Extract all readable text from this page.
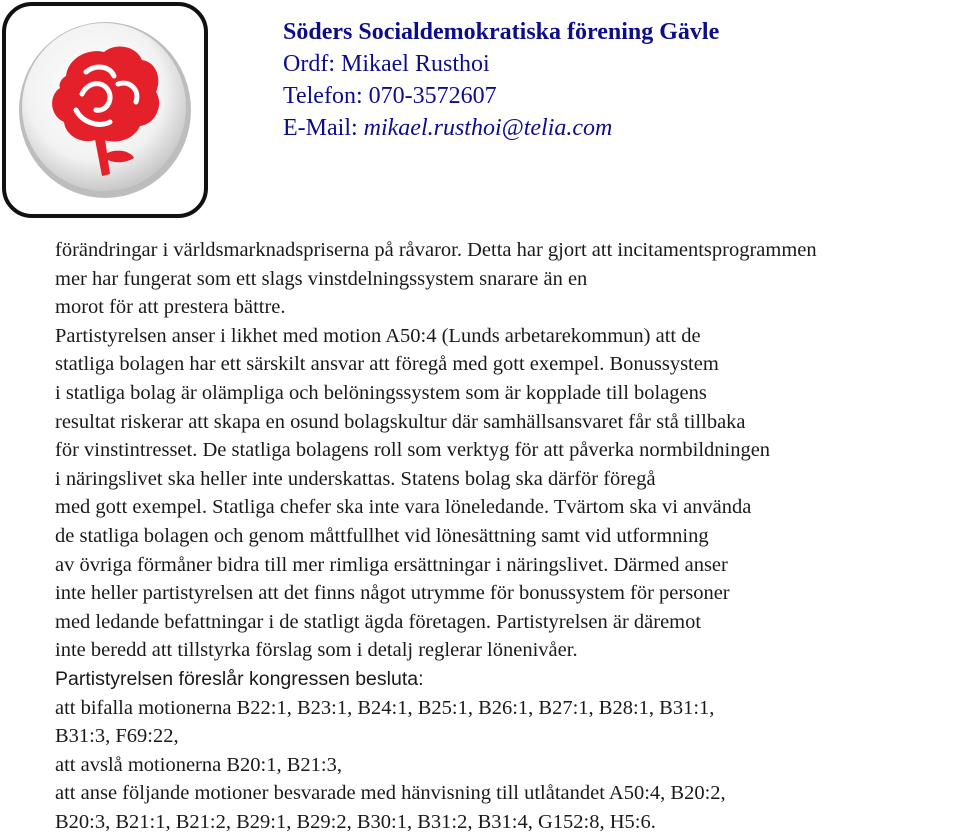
Söders Socialdemokratiska förening Gävle
Ordf: Mikael Rusthoi
Telefon: 070-3572607
E-Mail: mikael.rusthoi@telia.com
förändringar i världsmarknadspriserna på råvaror. Detta har gjort att incitamentsprogrammen
mer har fungerat som ett slags vinstdelningssystem snarare än en
morot för att prestera bättre.
Partistyrelsen anser i likhet med motion A50:4 (Lunds arbetarekommun) att de
statliga bolagen har ett särskilt ansvar att föregå med gott exempel. Bonussystem
i statliga bolag är olämpliga och belöningssystem som är kopplade till bolagens
resultat riskerar att skapa en osund bolagskultur där samhällsansvaret får stå tillbaka
för vinstintresset. De statliga bolagens roll som verktyg för att påverka normbildningen
i näringslivet ska heller inte underskattas. Statens bolag ska därför föregå
med gott exempel. Statliga chefer ska inte vara löneledande. Tvärtom ska vi använda
de statliga bolagen och genom måttfullhet vid lönesättning samt vid utformning
av övriga förmåner bidra till mer rimliga ersättningar i näringslivet. Därmed anser
inte heller partistyrelsen att det finns något utrymme för bonussystem för personer
med ledande befattningar i de statligt ägda företagen. Partistyrelsen är däremot
inte beredd att tillstyrka förslag som i detalj reglerar lönenivåer.
Partistyrelsen föreslår kongressen besluta:
att bifalla motionerna B22:1, B23:1, B24:1, B25:1, B26:1, B27:1, B28:1, B31:1,
B31:3, F69:22,
att avslå motionerna B20:1, B21:3,
att anse följande motioner besvarade med hänvisning till utlåtandet A50:4, B20:2,
B20:3, B21:1, B21:2, B29:1, B29:2, B30:1, B31:2, B31:4, G152:8, H5:6.
